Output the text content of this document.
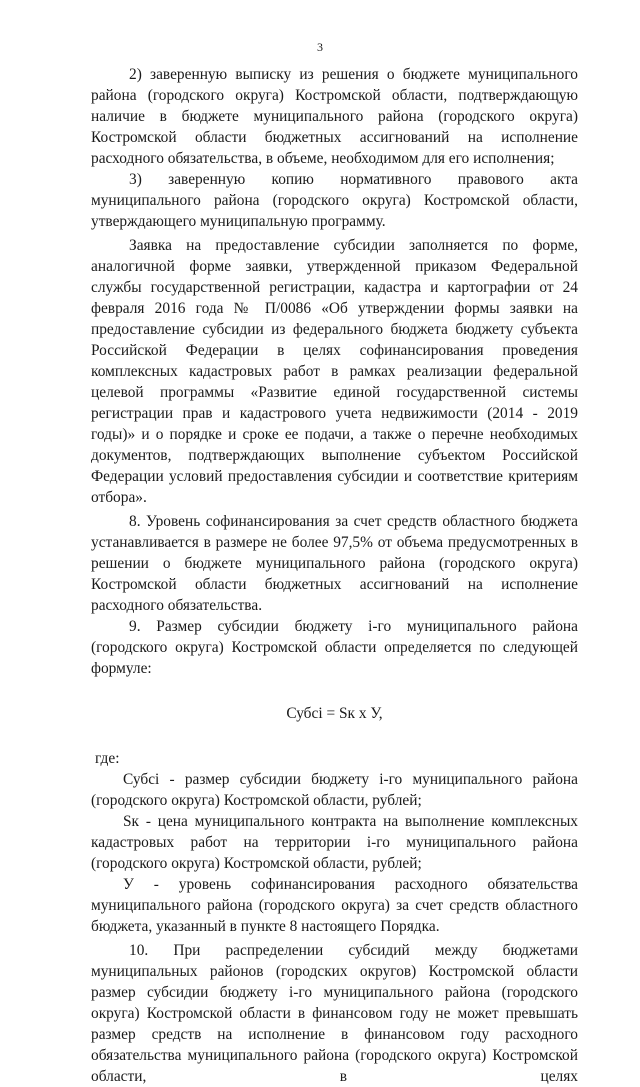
3

2) заверенную выписку из решения о бюджете муниципального района (городского округа) Костромской области, подтверждающую наличие в бюджете муниципального района (городского округа) Костромской области бюджетных ассигнований на исполнение расходного обязательства, в объеме, необходимом для его исполнения;

3) заверенную копию нормативного правового акта муниципального района (городского округа) Костромской области, утверждающего муниципальную программу.

Заявка на предоставление субсидии заполняется по форме, аналогичной форме заявки, утвержденной приказом Федеральной службы государственной регистрации, кадастра и картографии от 24 февраля 2016 года № П/0086 «Об утверждении формы заявки на предоставление субсидии из федерального бюджета бюджету субъекта Российской Федерации в целях софинансирования проведения комплексных кадастровых работ в рамках реализации федеральной целевой программы «Развитие единой государственной системы регистрации прав и кадастрового учета недвижимости (2014 - 2019 годы)» и о порядке и сроке ее подачи, а также о перечне необходимых документов, подтверждающих выполнение субъектом Российской Федерации условий предоставления субсидии и соответствие критериям отбора».

8. Уровень софинансирования за счет средств областного бюджета устанавливается в размере не более 97,5% от объема предусмотренных в решении о бюджете муниципального района (городского округа) Костромской области бюджетных ассигнований на исполнение расходного обязательства.

9. Размер субсидии бюджету i-го муниципального района (городского округа) Костромской области определяется по следующей формуле:

Субсi = Sк x У,

где:

Субсi - размер субсидии бюджету i-го муниципального района (городского округа) Костромской области, рублей;

Sк - цена муниципального контракта на выполнение комплексных кадастровых работ на территории i-го муниципального района (городского округа) Костромской области, рублей;

У - уровень софинансирования расходного обязательства муниципального района (городского округа) за счет средств областного бюджета, указанный в пункте 8 настоящего Порядка.

10. При распределении субсидий между бюджетами муниципальных районов (городских округов) Костромской области размер субсидии бюджету i-го муниципального района (городского округа) Костромской области в финансовом году не может превышать размер средств на исполнение в финансовом году расходного обязательства муниципального района (городского округа) Костромской области, в целях
